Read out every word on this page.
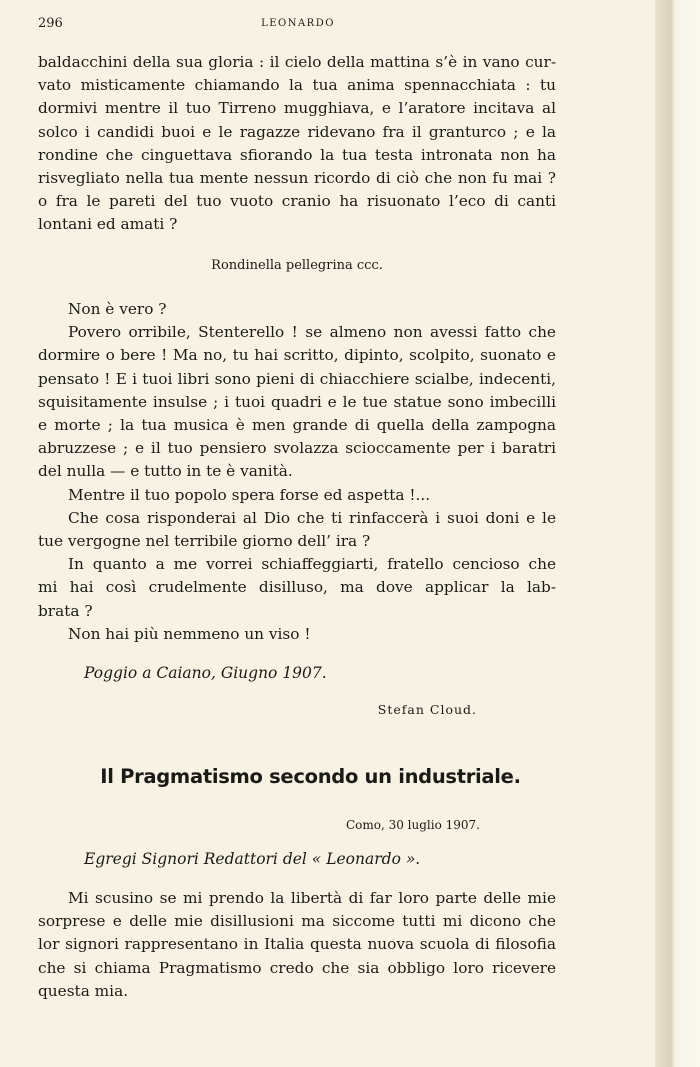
296	LEONARDO
baldacchini della sua gloria : il cielo della mattina s’è in vano cur-
vato misticamente chiamando la tua anima spennacchiata : tu
dormivi mentre il tuo Tirreno mugghiava, e l’aratore incitava al
solco i candidi buoi e le ragazze ridevano fra il granturco ; e la
rondine che cinguettava sfiorando la tua testa intronata non ha
risvegliato nella tua mente nessun ricordo di ciò che non fu mai ?
o fra le pareti del tuo vuoto cranio ha risuonato l’eco di canti
lontani ed amati ?
Rondinella pellegrina ccc.
Non è vero ?
Povero orribile, Stenterello ! se almeno non avessi fatto che
dormire o bere ! Ma no, tu hai scritto, dipinto, scolpito, suonato e
pensato ! E i tuoi libri sono pieni di chiacchiere scialbe, indecenti,
squisitamente insulse ; i tuoi quadri e le tue statue sono imbecilli
e morte ; la tua musica è men grande di quella della zampogna
abruzzese ; e il tuo pensiero svolazza scioccamente per i baratri
del nulla — e tutto in te è vanità.
Mentre il tuo popolo spera forse ed aspetta !...
Che cosa risponderai al Dio che ti rinfaccerà i suoi doni e le
tue vergogne nel terribile giorno dell’ ira ?
In quanto a me vorrei schiaffeggiarti, fratello cencioso che
mi hai così crudelmente disilluso, ma dove applicar la lab-
brata ?
Non hai più nemmeno un viso !
Poggio a Caiano, Giugno 1907.
Stefan Cloud.
Il Pragmatismo secondo un industriale.
Como, 30 luglio 1907.
Egregi Signori Redattori del « Leonardo ».
Mi scusino se mi prendo la libertà di far loro parte delle mie
sorprese e delle mie disillusioni ma siccome tutti mi dicono che
lor signori rappresentano in Italia questa nuova scuola di filosofia
che si chiama Pragmatismo credo che sia obbligo loro ricevere
questa mia.
